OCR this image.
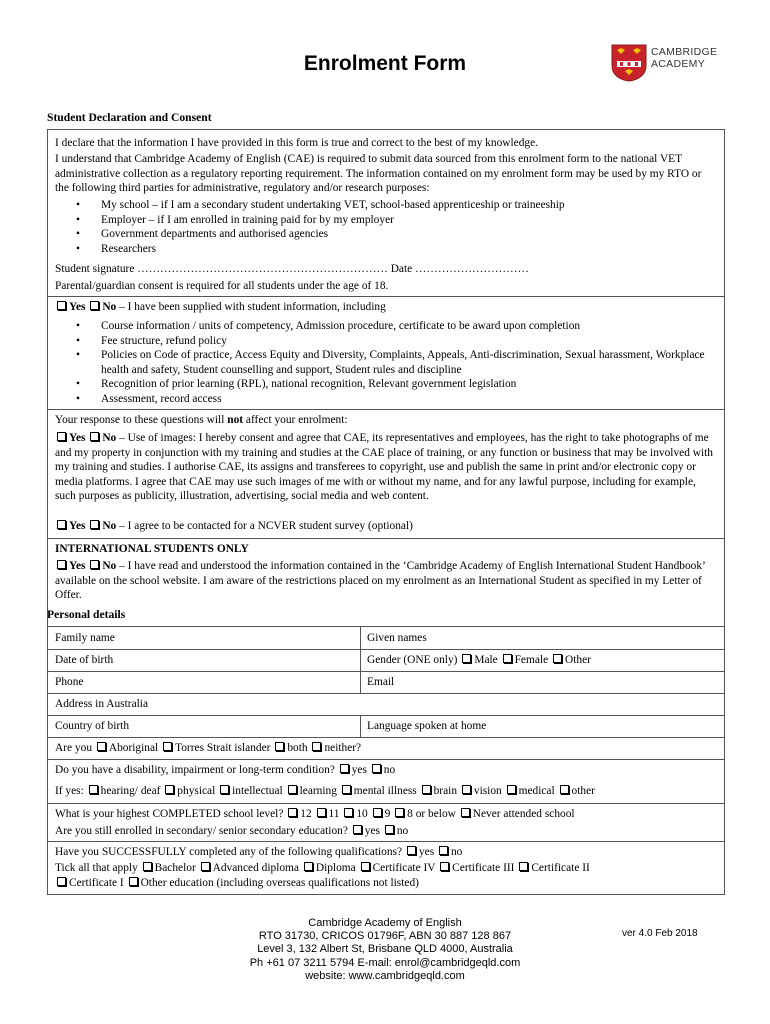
Enrolment Form	CAMBRIDGE
ACADEMY
Student Declaration and Consent
I declare that the information I have provided in this form is true and correct to the best of my knowledge.
I understand that Cambridge Academy of English (CAE) is required to submit data sourced from this enrolment form to the national VET administrative collection as a regulatory reporting requirement. The information contained on my enrolment form may be used by my RTO or the following third parties for administrative, regulatory and/or research purposes:
• My school – if I am a secondary student undertaking VET, school-based apprenticeship or traineeship
• Employer – if I am enrolled in training paid for by my employer
• Government departments and authorised agencies
• Researchers
Student signature ………………………………………………………… Date …………………………
Parental/guardian consent is required for all students under the age of 18.
Yes No – I have been supplied with student information, including
• Course information / units of competency, Admission procedure, certificate to be award upon completion
• Fee structure, refund policy
• Policies on Code of practice, Access Equity and Diversity, Complaints, Appeals, Anti-discrimination, Sexual harassment, Workplace health and safety, Student counselling and support, Student rules and discipline
• Recognition of prior learning (RPL), national recognition, Relevant government legislation
• Assessment, record access
Your response to these questions will not affect your enrolment:
Yes No – Use of images: I hereby consent and agree that CAE, its representatives and employees, has the right to take photographs of me and my property in conjunction with my training and studies at the CAE place of training, or any function or business that may be involved with my training and studies. I authorise CAE, its assigns and transferees to copyright, use and publish the same in print and/or electronic copy or media platforms. I agree that CAE may use such images of me with or without my name, and for any lawful purpose, including for example, such purposes as publicity, illustration, advertising, social media and web content.
Yes No – I agree to be contacted for a NCVER student survey (optional)
INTERNATIONAL STUDENTS ONLY
Yes No – I have read and understood the information contained in the ‘Cambridge Academy of English International Student Handbook’ available on the school website. I am aware of the restrictions placed on my enrolment as an International Student as specified in my Letter of Offer.
Personal details
Family name	Given names
Date of birth	Gender (ONE only) Male Female Other
Phone	Email
Address in Australia
Country of birth	Language spoken at home
Are you Aboriginal Torres Strait islander both neither?
Do you have a disability, impairment or long-term condition? yes no
If yes: hearing/ deaf physical intellectual learning mental illness brain vision medical other
What is your highest COMPLETED school level? 12 11 10 9 8 or below Never attended school
Are you still enrolled in secondary/ senior secondary education? yes no
Have you SUCCESSFULLY completed any of the following qualifications? yes no
Tick all that apply Bachelor Advanced diploma Diploma Certificate IV Certificate III Certificate II
Certificate I Other education (including overseas qualifications not listed)
Cambridge Academy of English
RTO 31730, CRICOS 01796F, ABN 30 887 128 867
Level 3, 132 Albert St, Brisbane QLD 4000, Australia
Ph +61 07 3211 5794 E-mail: enrol@cambridgeqld.com
website: www.cambridgeqld.com
ver 4.0 Feb 2018
